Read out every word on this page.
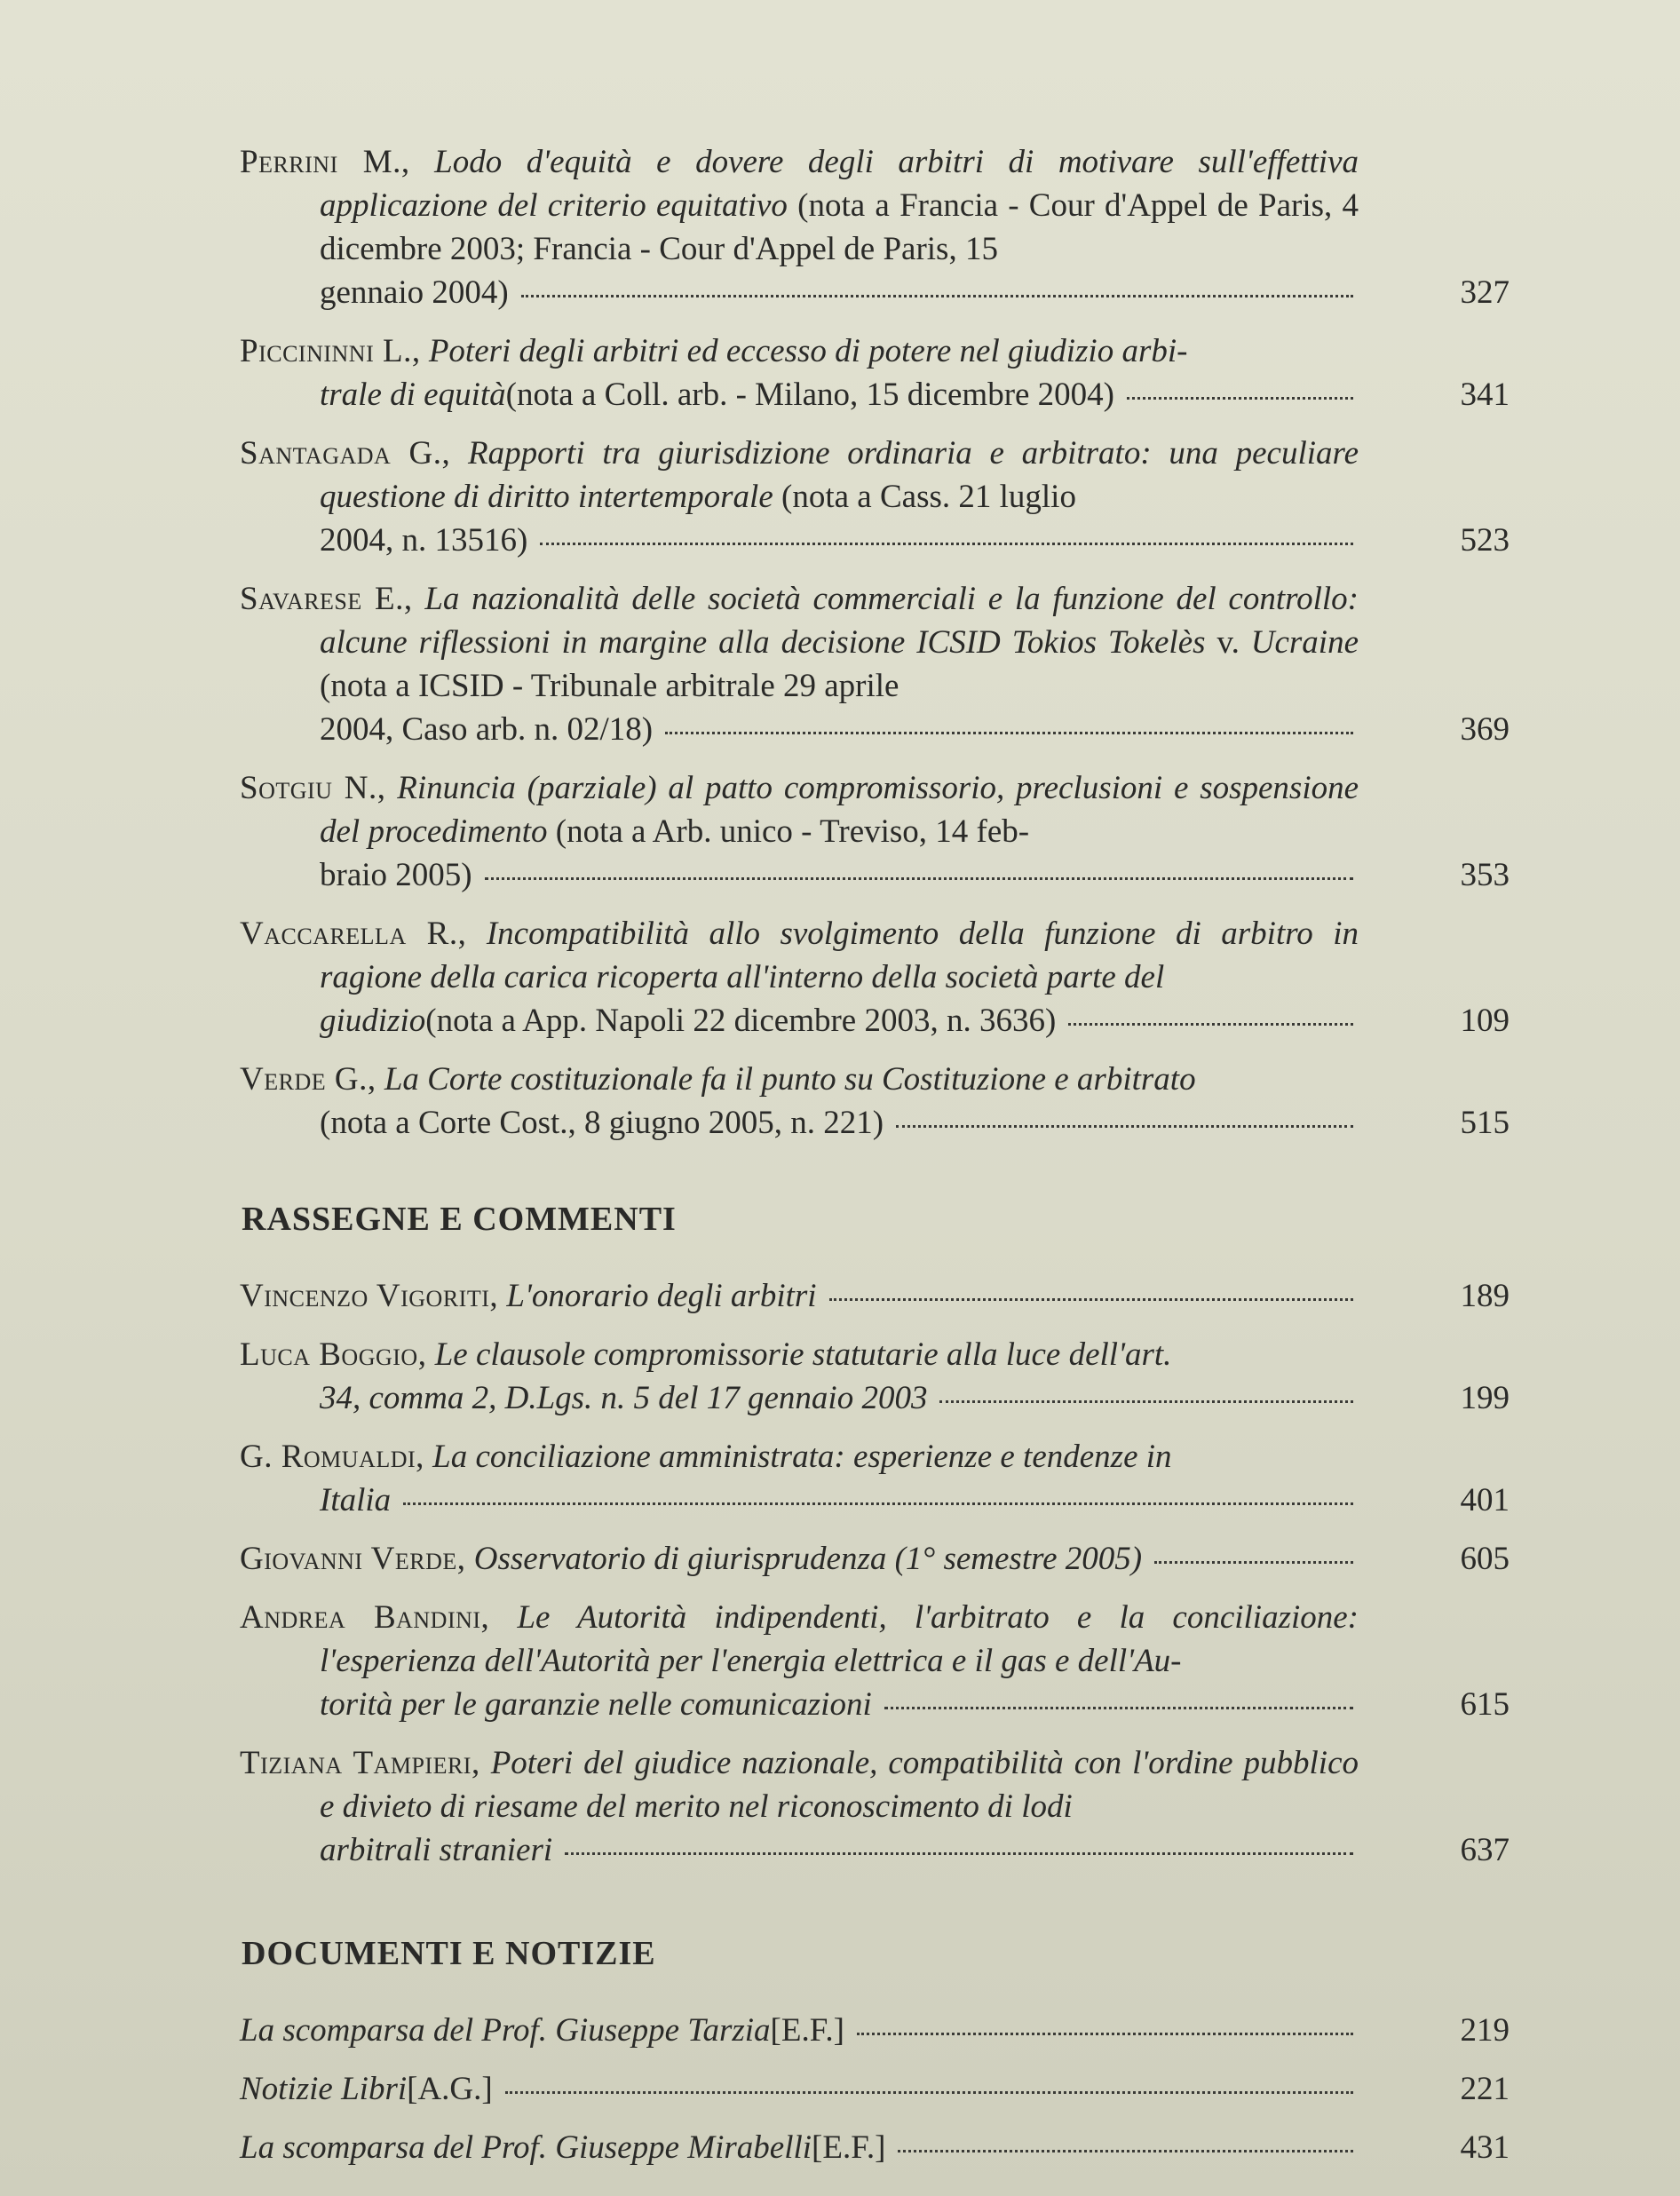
Perrini M., Lodo d'equità e dovere degli arbitri di motivare sull'effettiva applicazione del criterio equitativo (nota a Francia - Cour d'Appel de Paris, 4 dicembre 2003; Francia - Cour d'Appel de Paris, 15
gennaio 2004)	327
Piccininni L., Poteri degli arbitri ed eccesso di potere nel giudizio arbi-
trale di equità (nota a Coll. arb. - Milano, 15 dicembre 2004)	341
Santagada G., Rapporti tra giurisdizione ordinaria e arbitrato: una peculiare questione di diritto intertemporale (nota a Cass. 21 luglio
2004, n. 13516)	523
Savarese E., La nazionalità delle società commerciali e la funzione del controllo: alcune riflessioni in margine alla decisione ICSID Tokios Tokelès v. Ucraine (nota a ICSID - Tribunale arbitrale 29 aprile
2004, Caso arb. n. 02/18)	369
Sotgiu N., Rinuncia (parziale) al patto compromissorio, preclusioni e sospensione del procedimento (nota a Arb. unico - Treviso, 14 feb-
braio 2005)	353
Vaccarella R., Incompatibilità allo svolgimento della funzione di arbitro in ragione della carica ricoperta all'interno della società parte del
giudizio (nota a App. Napoli 22 dicembre 2003, n. 3636)	109
Verde G., La Corte costituzionale fa il punto su Costituzione e arbitrato
(nota a Corte Cost., 8 giugno 2005, n. 221)	515
RASSEGNE E COMMENTI
Vincenzo Vigoriti,
L'onorario degli arbitri	189
Luca Boggio, Le clausole compromissorie statutarie alla luce dell'art.
34, comma 2, D.Lgs. n. 5 del 17 gennaio 2003	199
G. Romualdi, La conciliazione amministrata: esperienze e tendenze in
Italia	401
Giovanni Verde,
Osservatorio di giurisprudenza (1° semestre 2005)	605
Andrea Bandini, Le Autorità indipendenti, l'arbitrato e la conciliazione: l'esperienza dell'Autorità per l'energia elettrica e il gas e dell'Au-
torità per le garanzie nelle comunicazioni	615
Tiziana Tampieri, Poteri del giudice nazionale, compatibilità con l'ordine pubblico e divieto di riesame del merito nel riconoscimento di lodi
arbitrali stranieri	637
DOCUMENTI E NOTIZIE
La scomparsa del Prof. Giuseppe Tarzia [E.F.]	219
Notizie Libri [A.G.]	221
La scomparsa del Prof. Giuseppe Mirabelli [E.F.]	431
